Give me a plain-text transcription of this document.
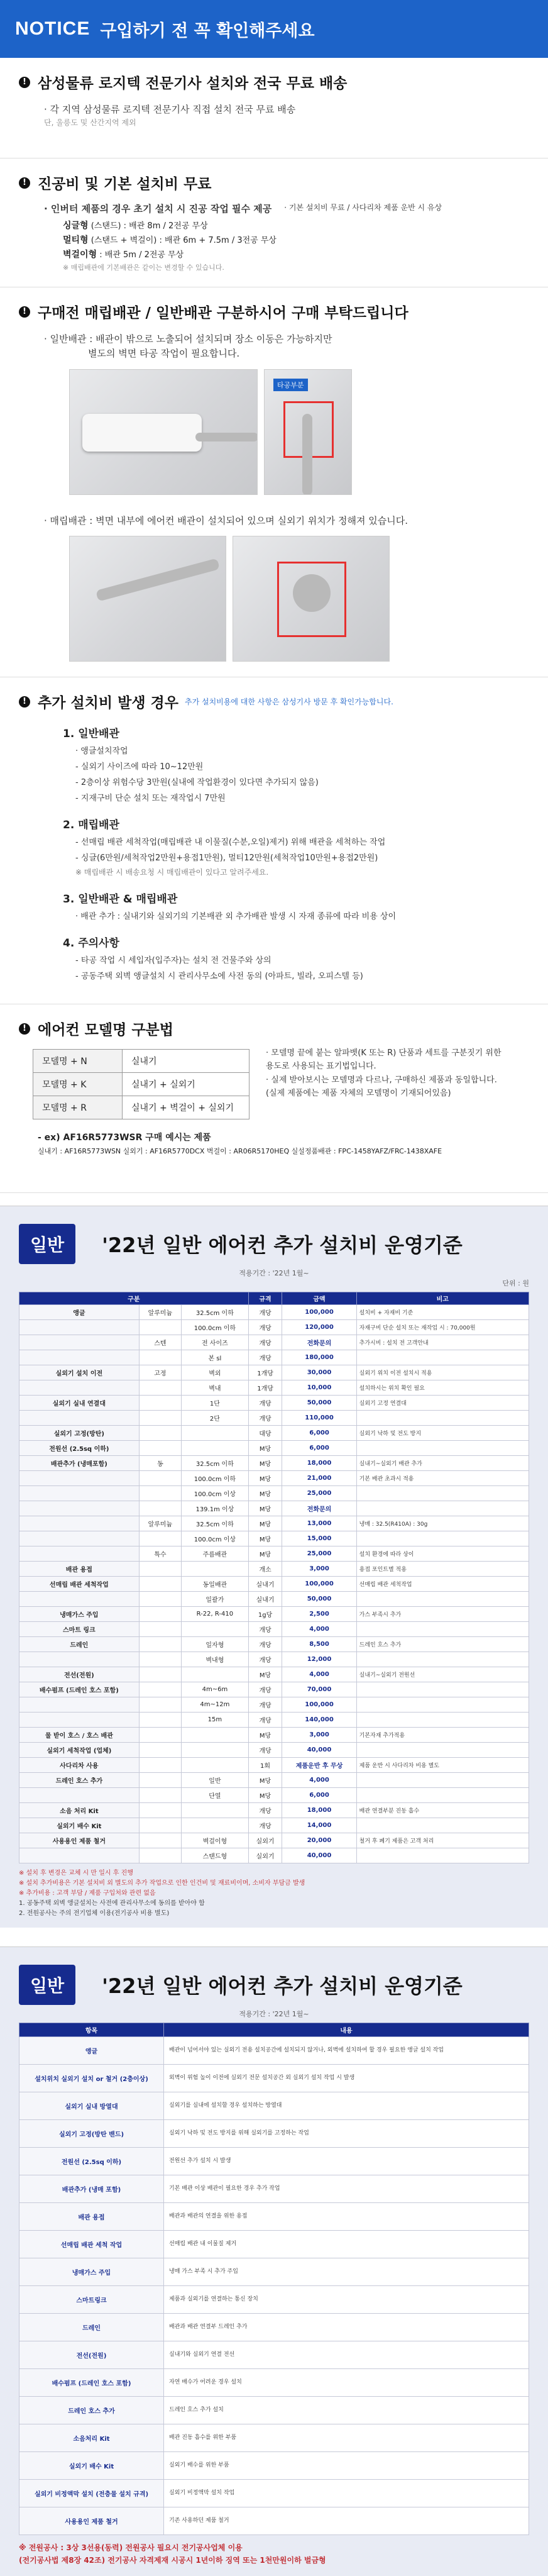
NOTICE 구입하기 전 꼭 확인해주세요
! 삼성물류 로지텍 전문기사 설치와 전국 무료 배송
· 각 지역 삼성물류 로지텍 전문기사 직접 설치 전국 무료 배송
단, 울릉도 및 산간지역 제외
! 진공비 및 기본 설치비 무료
· 인버터 제품의 경우 초기 설치 시 진공 작업 필수 제공 · 기본 설치비 무료 / 사다리차 제품 운반 시 유상
싱글형 (스탠드) : 배관 8m / 2전공 무상
멀티형 (스탠드 + 벽걸이) : 배관 6m + 7.5m / 3전공 무상
벽걸이형 : 배관 5m / 2전공 무상
※ 매립배관에 기본배관은 같이는 변경할 수 있습니다.
! 구매전 매립배관 / 일반배관 구분하시어 구매 부탁드립니다
· 일반배관 : 배관이 밖으로 노출되어 설치되며 장소 이동은 가능하지만
별도의 벽면 타공 작업이 필요합니다.
타공부분
· 매립배관 : 벽면 내부에 에어컨 배관이 설치되어 있으며 실외기 위치가 정해져 있습니다.
! 추가 설치비 발생 경우 추가 설치비용에 대한 사항은 삼성기사 방문 후 확인가능합니다.
1. 일반배관
· 앵글설치작업
- 실외기 사이즈에 따라 10~12만원
- 2층이상 위험수당 3만원(실내에 작업환경이 있다면 추가되지 않음)
- 지재구비 단순 설치 또는 재작업시 7만원
2. 매립배관
- 선매립 배관 세척작업(매립배관 내 이물질(수분,오일)제거) 위해 배관을 세척하는 작업
- 싱글(6만원/세척작업2만원+용접1만원), 멀티12만원(세척작업10만원+용접2만원)
※ 매립배관 시 배송요청 시 매립배관이 있다고 알려주세요.
3. 일반배관 & 매립배관
· 배관 추가 : 실내기와 실외기의 기본배관 외 추가배관 발생 시 자재 종류에 따라 비용 상이
4. 주의사항
- 타공 작업 시 세입자(입주자)는 설치 전 건물주와 상의
- 공동주택 외벽 앵글설치 시 관리사무소에 사전 동의 (아파트, 빌라, 오피스텔 등)
! 에어컨 모델명 구분법
모델명 + N	실내기
모델명 + K	실내기 + 실외기
모델명 + R	실내기 + 벽걸이 + 실외기
· 모델명 끝에 붙는 알파벳(K 또는 R) 단품과 세트를 구분짓기 위한
용도로 사용되는 표기법입니다.
· 실제 받아보시는 모델명과 다르나, 구매하신 제품과 동일합니다.
(실제 제품에는 제품 자체의 모델명이 기재되어있음)
- ex) AF16R5773WSR 구매 예시는 제품
실내기 : AF16R5773WSN 실외기 : AF16R5770DCX 벽걸이 : AR06R5170HEQ 실설정품배관 : FPC-1458YAFZ/FRC-1438XAFE
일반	'22년 일반 에어컨 추가 설치비 운영기준
적용기간 : '22년 1월~
단위 : 원
구분			규격	금액	비고
앵글	알루미늄	32.5cm 이하	개당	100,000	설치비 + 자재비 기준
		100.0cm 이하	개당	120,000	자재구비 단순 설치 또는 재작업 시 : 70,000원
	스텐	전 사이즈	개당	전화문의	추가시비 : 설치 전 고객안내
		본 sl	개당	180,000	
실외기 설치 이전	고정	벽외	1개당	30,000	실외기 위치 이전 설치시 적용
		벽내	1개당	10,000	설치하시는 위치 확인 필요
실외기 실내 연결대		1단	개당	50,000	실외기 고정 연결대
		2단	개당	110,000	
실외기 고정(방탄)			대당	6,000	실외기 낙하 및 전도 방지
전원선 (2.5sq 이하)			M당	6,000	
배관추가 (냉매포함)	동	32.5cm 이하	M당	18,000	실내기~실외기 배관 추가
		100.0cm 이하	M당	21,000	기본 배관 초과시 적용
		100.0cm 이상	M당	25,000	
		139.1m 이상	M당	전화문의	
	알루미늄	32.5cm 이하	M당	13,000	냉매 : 32.5(R410A) : 30g
		100.0cm 이상	M당	15,000	
	특수	주름배관	M당	25,000	설치 환경에 따라 상이
배관 용접			개소	3,000	용접 포인트별 적용
선매립 배관 세척작업		동일배관	실내기	100,000	선매립 배관 세척작업
		일괄가	실내기	50,000	
냉매가스 주입		R-22, R-410	1g당	2,500	가스 부족시 추가
스마트 링크			개당	4,000	
드레인		일자형	개당	8,500	드레인 호스 추가
		벽내형	개당	12,000	
전선(전원)			M당	4,000	실내기~실외기 전원선
배수펌프 (드레인 호스 포함)		4m~6m	개당	70,000	
		4m~12m	개당	100,000	
		15m	개당	140,000	
물 받이 호스 / 호스 배관			M당	3,000	기본자재 추가적용
실외기 세척작업 (업체)			개당	40,000	
사다리차 사용			1회	제품운반 후 무상	제품 운반 시 사다리차 비용 별도
드레인 호스 추가		일반	M당	4,000	
		단열	M당	6,000	
소음 처리 Kit			개당	18,000	배관 연결부분 진동 흡수
실외기 배수 Kit			개당	14,000	
사용용인 제품 철거		벽걸이형	실외기	20,000	철거 후 폐기 제품은 고객 처리
		스탠드형	실외기	40,000	
※ 설치 후 변경은 교체 시 만 일시 후 진행
※ 설치 추가비용은 기본 설치비 외 별도의 추가 작업으로 인한 인건비 및 재료비이며, 소비자 부담금 발생
※ 추가비용 : 고객 부담 / 제품 구입처와 관련 없음
1. 공동주택 외벽 앵글설치는 사전에 관리사무소에 동의를 받아야 함
2. 전원공사는 주의 전기업체 이용(전기공사 비용 별도)
일반	'22년 일반 에어컨 추가 설치비 운영기준
적용기간 : '22년 1월~
항목	내용
앵글	배관이 넘어서야 있는 실외기 전용 설치공간에 설치되지 않거나, 외벽에 설치하여 할 경우 필요한 앵글 설치 작업
설치위치 실외기 설치 or 철거 (2층이상)	외벽이 위험 높이 이전에 실외기 전문 설치공간 외 실외기 설치 작업 시 발생
실외기 실내 방열대	실외기를 실내에 설치할 경우 설치하는 방열대
실외기 고정(방탄 밴드)	실외기 낙하 및 전도 방지를 위해 실외기를 고정하는 작업
전원선 (2.5sq 이하)	전원선 추가 설치 시 발생
배관추가 (냉매 포함)	기본 배관 이상 배관이 필요한 경우 추가 작업
배관 용접	배관과 배관의 연결을 위한 용접
선매립 배관 세척 작업	선매립 배관 내 이물질 제거
냉매가스 주입	냉매 가스 부족 시 추가 주입
스마트링크	제품과 실외기를 연결하는 통신 장치
드레인	배관과 배관 연결부 드레인 추가
전선(전원)	실내기와 실외기 연결 전선
배수펌프 (드레인 호스 포함)	자연 배수가 어려운 경우 설치
드레인 호스 추가	드레인 호스 추가 설치
소음처리 Kit	배관 진동 흡수를 위한 부품
실외기 배수 Kit	실외기 배수를 위한 부품
실외기 비정액막 설치 (전층물 설치 규격)	실외기 비정액막 설치 작업
사용용인 제품 철거	기존 사용하던 제품 철거
※ 전원공사 : 3상 3선용(동력) 전원공사 필요시 전기공사업체 이용
(전기공사법 제8장 42조) 전기공사 자격제재 시공시 1년이하 징역 또는 1천만원이하 벌금형
